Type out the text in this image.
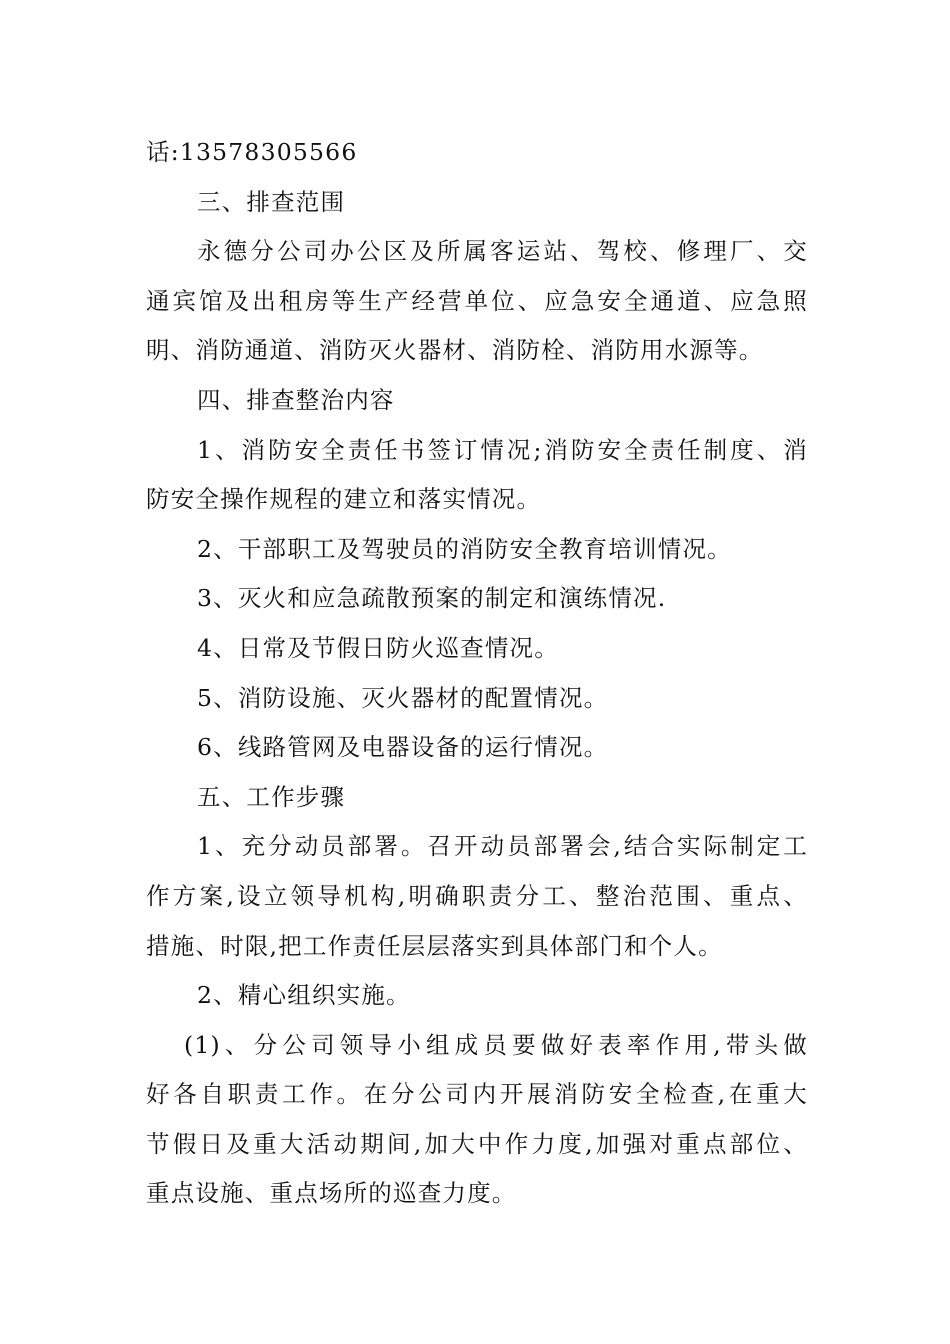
话:13578305566
三、排查范围
永德分公司办公区及所属客运站、驾校、修理厂、交
通宾馆及出租房等生产经营单位、应急安全通道、应急照
明、消防通道、消防灭火器材、消防栓、消防用水源等。
四、排查整治内容
1、消防安全责任书签订情况;消防安全责任制度、消
防安全操作规程的建立和落实情况。
2、干部职工及驾驶员的消防安全教育培训情况。
3、灭火和应急疏散预案的制定和演练情况.
4、日常及节假日防火巡查情况。
5、消防设施、灭火器材的配置情况。
6、线路管网及电器设备的运行情况。
五、工作步骤
1、充分动员部署。召开动员部署会,结合实际制定工
作方案,设立领导机构,明确职责分工、整治范围、重点、
措施、时限,把工作责任层层落实到具体部门和个人。
2、精心组织实施。
(1)、分公司领导小组成员要做好表率作用,带头做
好各自职责工作。在分公司内开展消防安全检查,在重大
节假日及重大活动期间,加大中作力度,加强对重点部位、
重点设施、重点场所的巡查力度。
